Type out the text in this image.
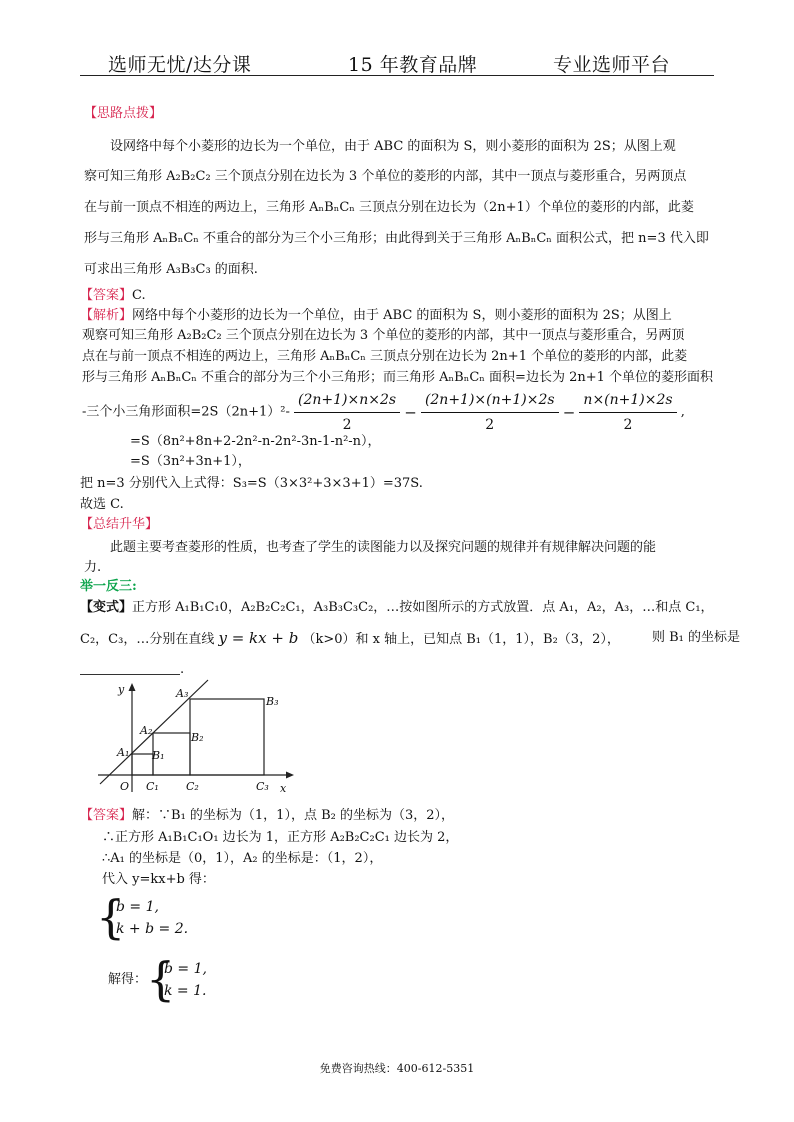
选师无忧/达分课	15 年教育品牌	专业选师平台
【思路点拨】
设网络中每个小菱形的边长为一个单位，由于 ABC 的面积为 S，则小菱形的面积为 2S；从图上观
察可知三角形 A₂B₂C₂ 三个顶点分别在边长为 3 个单位的菱形的内部，其中一顶点与菱形重合，另两顶点
在与前一顶点不相连的两边上，三角形 AₙBₙCₙ 三顶点分别在边长为（2n+1）个单位的菱形的内部，此菱
形与三角形 AₙBₙCₙ 不重合的部分为三个小三角形；由此得到关于三角形 AₙBₙCₙ 面积公式，把 n=3 代入即
可求出三角形 A₃B₃C₃ 的面积.
【答案】C.
【解析】网络中每个小菱形的边长为一个单位，由于 ABC 的面积为 S，则小菱形的面积为 2S；从图上
观察可知三角形 A₂B₂C₂ 三个顶点分别在边长为 3 个单位的菱形的内部，其中一顶点与菱形重合，另两顶
点在与前一顶点不相连的两边上，三角形 AₙBₙCₙ 三顶点分别在边长为 2n+1 个单位的菱形的内部，此菱
形与三角形 AₙBₙCₙ 不重合的部分为三个小三角形；而三角形 AₙBₙCₙ 面积=边长为 2n+1 个单位的菱形面积
-三个小三角形面积$=2S(2n+1)^2- \frac{(2n+1)\times n\times 2s}{2} - \frac{(2n+1)\times(n+1)\times 2s}{2} - \frac{n\times(n+1)\times 2s}{2}$ ,
=S（8n²+8n+2-2n²-n-2n²-3n-1-n²-n），
=S（3n²+3n+1），
把 n=3 分别代入上式得：S₃=S（3×3²+3×3+1）=37S.
故选 C.
【总结升华】
此题主要考查菱形的性质，也考查了学生的读图能力以及探究问题的规律并有规律解决问题的能
力.
举一反三:
【变式】正方形 A₁B₁C₁0，A₂B₂C₂C₁，A₃B₃C₃C₂，…按如图所示的方式放置．点 A₁，A₂，A₃，…和点 C₁，
C₂，C₃，…分别在直线 y = kx + b （k>0）和 x 轴上，已知点 B₁（1，1），B₂（3，2）， 则 B₁ 的坐标是
.
y
x
O
A₁
A₂
A₃
B₁
B₂
B₃
C₁ C₂	C₃
【答案】解：∵B₁ 的坐标为（1，1），点 B₂ 的坐标为（3，2），
∴正方形 A₁B₁C₁O₁ 边长为 1，正方形 A₂B₂C₂C₁ 边长为 2，
∴A₁ 的坐标是（0，1），A₂ 的坐标是：（1，2），
代入 y=kx+b 得：
{
b = 1,
k + b = 2.
解得：
{
b = 1,
k = 1.
免费咨询热线：400-612-5351
